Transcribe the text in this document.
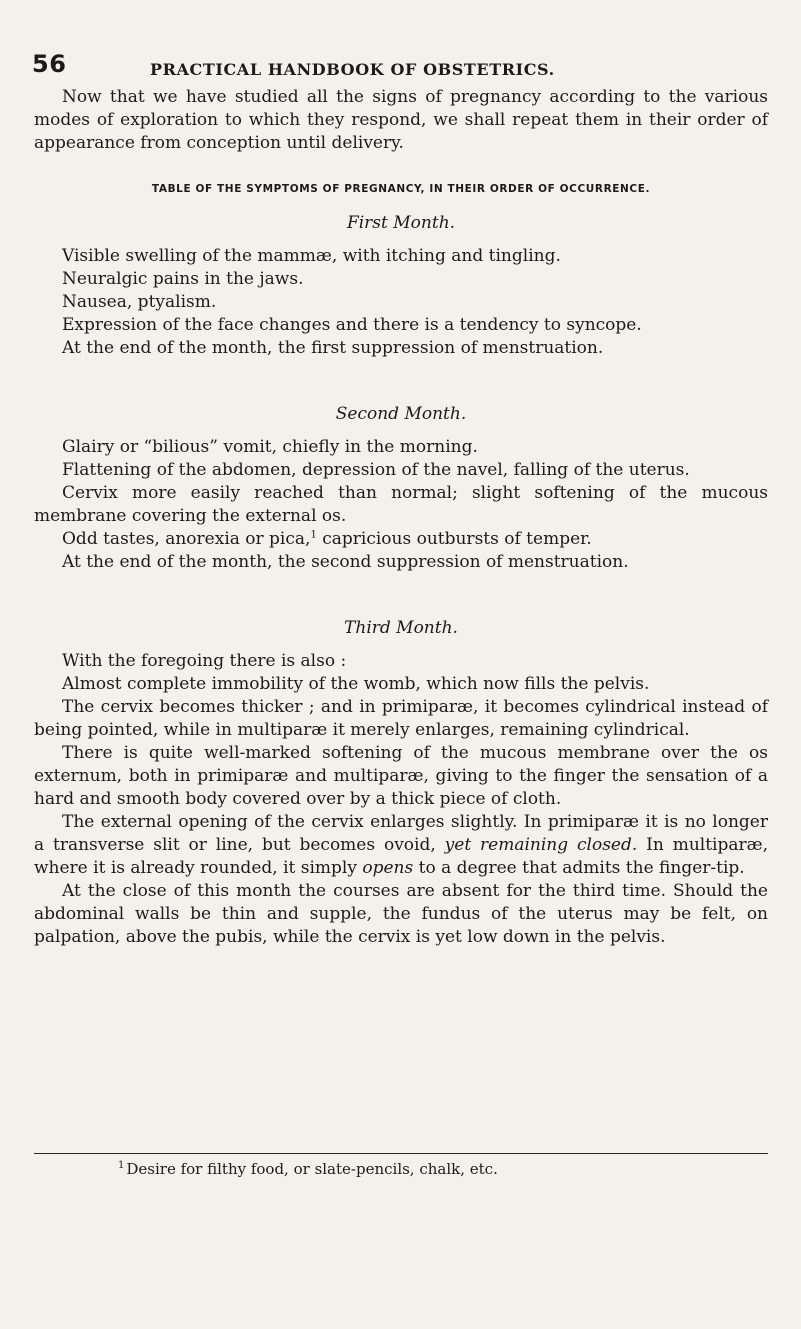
56	PRACTICAL HANDBOOK OF OBSTETRICS.

Now that we have studied all the signs of pregnancy according to the various modes of exploration to which they respond, we shall repeat them in their order of appearance from conception until delivery.

TABLE OF THE SYMPTOMS OF PREGNANCY, IN THEIR ORDER OF OCCURRENCE.

First Month.

Visible swelling of the mammæ, with itching and tingling.

Neuralgic pains in the jaws.

Nausea, ptyalism.

Expression of the face changes and there is a tendency to syncope.

At the end of the month, the first suppression of menstruation.

Second Month.

Glairy or “bilious” vomit, chiefly in the morning.

Flattening of the abdomen, depression of the navel, falling of the uterus.

Cervix more easily reached than normal; slight softening of the mucous membrane covering the external os.

Odd tastes, anorexia or pica,$^1$ capricious outbursts of temper.

At the end of the month, the second suppression of menstruation.

Third Month.

With the foregoing there is also :

Almost complete immobility of the womb, which now fills the pelvis.

The cervix becomes thicker ; and in primiparæ, it becomes cylindrical instead of being pointed, while in multiparæ it merely enlarges, remaining cylindrical.

There is quite well-marked softening of the mucous membrane over the os externum, both in primiparæ and multiparæ, giving to the finger the sensation of a hard and smooth body covered over by a thick piece of cloth.

The external opening of the cervix enlarges slightly. In primiparæ it is no longer a transverse slit or line, but becomes ovoid, yet remaining closed. In multiparæ, where it is already rounded, it simply opens to a degree that admits the finger-tip.

At the close of this month the courses are absent for the third time. Should the abdominal walls be thin and supple, the fundus of the uterus may be felt, on palpation, above the pubis, while the cervix is yet low down in the pelvis.

$^1$ Desire for filthy food, or slate-pencils, chalk, etc.
